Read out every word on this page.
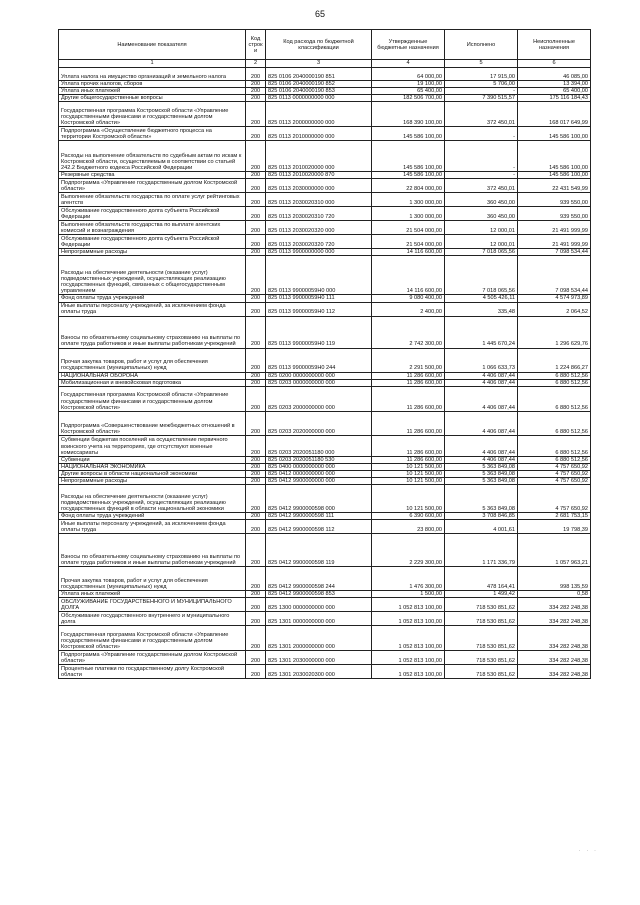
65
Наименование показателя	Код строк и	Код расхода по бюджетной классификации	Утвержденные бюджетные назначения	Исполнено	Неисполненные назначения
1	2	3	4	5	6
Уплата налога на имущество организаций и земельного налога	200	825 0106 2040000190 851	64 000,00	17 915,00	46 085,00
Уплата прочих налогов, сборов	200	825 0106 2040000190 852	19 100,00	5 706,00	13 394,00
Уплата иных платежей	200	825 0106 2040000190 853	65 400,00	-	65 400,00
Другие общегосударственные вопросы	200	825 0113 0000000000 000	182 506 700,00	7 390 515,57	175 116 184,43
Государственная программа Костромской области «Управление государственными финансами и государственным долгом Костромской области»	200	825 0113 2000000000 000	168 390 100,00	372 450,01	168 017 649,99
Подпрограмма «Осуществление бюджетного процесса на территории Костромской области»	200	825 0113 2010000000 000	145 586 100,00	-	145 586 100,00
Расходы на выполнение обязательств по судебным актам по искам к Костромской области, осуществляемым в соответствии со статьей 242.2 Бюджетного кодекса Российской Федерации	200	825 0113 2010020000 000	145 586 100,00	-	145 586 100,00
Резервные средства	200	825 0113 2010020000 870	145 586 100,00	-	145 586 100,00
Подпрограмма «Управление государственным долгом Костромской области»	200	825 0113 2030000000 000	22 804 000,00	372 450,01	22 431 549,99
Выполнение обязательств государства по оплате услуг рейтинговых агентств	200	825 0113 2030020310 000	1 300 000,00	360 450,00	939 550,00
Обслуживание государственного долга субъекта Российской Федерации	200	825 0113 2030020310 720	1 300 000,00	360 450,00	939 550,00
Выполнение обязательств государства по выплате агентских комиссий и вознаграждения	200	825 0113 2030020320 000	21 504 000,00	12 000,01	21 491 999,99
Обслуживание государственного долга субъекта Российской Федерации	200	825 0113 2030020320 720	21 504 000,00	12 000,01	21 491 999,99
Непрограммные расходы	200	825 0113 9900000000 000	14 116 600,00	7 018 065,56	7 098 534,44
Расходы на обеспечение деятельности (оказание услуг) подведомственных учреждений, осуществляющих реализацию государственных функций, связанных с общегосударственным управлением	200	825 0113 99000059Н0 000	14 116 600,00	7 018 065,56	7 098 534,44
Фонд оплаты труда учреждений	200	825 0113 99000059Н0 111	9 080 400,00	4 505 426,11	4 574 973,89
Иные выплаты персоналу учреждений, за исключением фонда оплаты труда	200	825 0113 99000059Н0 112	2 400,00	335,48	2 064,52
Взносы по обязательному социальному страхованию на выплаты по оплате труда работников и иные выплаты работникам учреждений	200	825 0113 99000059Н0 119	2 742 300,00	1 445 670,24	1 296 629,76
Прочая закупка товаров, работ и услуг для обеспечения государственных (муниципальных) нужд	200	825 0113 99000059Н0 244	2 291 500,00	1 066 633,73	1 224 866,27
НАЦИОНАЛЬНАЯ ОБОРОНА	200	825 0200 0000000000 000	11 286 600,00	4 406 087,44	6 880 512,56
Мобилизационная и вневойсковая подготовка	200	825 0203 0000000000 000	11 286 600,00	4 406 087,44	6 880 512,56
Государственная программа Костромской области «Управление государственными финансами и государственным долгом Костромской области»	200	825 0203 2000000000 000	11 286 600,00	4 406 087,44	6 880 512,56
Подпрограмма «Совершенствование межбюджетных отношений в Костромской области»	200	825 0203 2020000000 000	11 286 600,00	4 406 087,44	6 880 512,56
Субвенции бюджетам поселений на осуществление первичного воинского учета на территориях, где отсутствуют военные комиссариаты	200	825 0203 2020051180 000	11 286 600,00	4 406 087,44	6 880 512,56
Субвенции	200	825 0203 2020051180 530	11 286 600,00	4 406 087,44	6 880 512,56
НАЦИОНАЛЬНАЯ ЭКОНОМИКА	200	825 0400 0000000000 000	10 121 500,00	5 363 849,08	4 757 650,92
Другие вопросы в области национальной экономики	200	825 0412 0000000000 000	10 121 500,00	5 363 849,08	4 757 650,92
Непрограммные расходы	200	825 0412 9900000000 000	10 121 500,00	5 363 849,08	4 757 650,92
Расходы на обеспечение деятельности (оказание услуг) подведомственных учреждений, осуществляющих реализацию государственных функций в области национальной экономики	200	825 0412 9900000598 000	10 121 500,00	5 363 849,08	4 757 650,92
Фонд оплаты труда учреждений	200	825 0412 9900000598 111	6 390 600,00	3 708 846,85	2 681 753,15
Иные выплаты персоналу учреждений, за исключением фонда оплаты труда	200	825 0412 9900000598 112	23 800,00	4 001,61	19 798,39
Взносы по обязательному социальному страхованию на выплаты по оплате труда работников и иные выплаты работникам учреждений	200	825 0412 9900000598 119	2 229 300,00	1 171 336,79	1 057 963,21
Прочая закупка товаров, работ и услуг для обеспечения государственных (муниципальных) нужд	200	825 0412 9900000598 244	1 476 300,00	478 164,41	998 135,59
Уплата иных платежей	200	825 0412 9900000598 853	1 500,00	1 499,42	0,58
ОБСЛУЖИВАНИЕ ГОСУДАРСТВЕННОГО И МУНИЦИПАЛЬНОГО ДОЛГА	200	825 1300 0000000000 000	1 052 813 100,00	718 530 851,62	334 282 248,38
Обслуживание государственного внутреннего и муниципального долга	200	825 1301 0000000000 000	1 052 813 100,00	718 530 851,62	334 282 248,38
Государственная программа Костромской области «Управление государственными финансами и государственным долгом Костромской области»	200	825 1301 2000000000 000	1 052 813 100,00	718 530 851,62	334 282 248,38
Подпрограмма «Управление государственным долгом Костромской области»	200	825 1301 2030000000 000	1 052 813 100,00	718 530 851,62	334 282 248,38
Процентные платежи по государственному долгу Костромской области	200	825 1301 2030020300 000	1 052 813 100,00	718 530 851,62	334 282 248,38
· · ·
